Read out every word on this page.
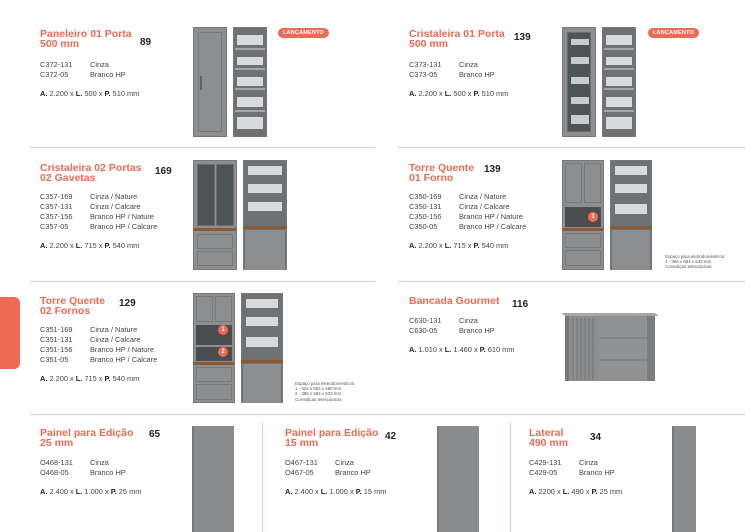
Paneleiro 01 Porta
500 mm	89
C372-131	Cinza
C372-05	Branco HP
A. 2.200 x L. 500 x P. 510 mm
LANÇAMENTO	Cristaleira 01 Porta
500 mm
139
C373-131	Cinza
C373-05	Branco HP
A. 2.200 x L. 500 x P. 510 mm
LANÇAMENTO
Cristaleira 02 Portas
02 Gavetas
169
C357-169	Cinza / Nature
C357-131	Cinza / Calcare
C357-156	Branco HP / Nature
C357-05	Branco HP / Calcare
A. 2.200 x L. 715 x P. 540 mm
Torre Quente
01 Forno
139
C350-169	Cinza / Nature
C350-131	Cinza / Calcare
C350-156	Branco HP / Nature
C350-05	Branco HP / Calcare
A. 2.200 x L. 715 x P. 540 mm
Espaço para eletrodomésticos:
1 - 386 x 684 x 533 mm
Corrediças telescópicas
1
Torre Quente
02 Fornos
129
C351-169	Cinza / Nature
C351-131	Cinza / Calcare
C351-156	Branco HP / Nature
C351-05	Branco HP / Calcare
A. 2.200 x L. 715 x P. 540 mm
Espaço para eletrodomésticos:
1 - 424 x 684 x 480 mm
2 - 386 x 684 x 533 mm
Corrediças telescópicas
1
2
Bancada Gourmet 116
C630-131	Cinza
C630-05	Branco HP
A. 1.010 x L. 1.460 x P. 610 mm
Painel para Edição
25 mm
65
O468-131	Cinza
O468-05	Branco HP
A. 2.400 x L. 1.000 x P. 25 mm
Painel para Edição
15 mm
42
O467-131	Cinza
O467-05	Branco HP
A. 2.400 x L. 1.000 x P. 15 mm
Lateral
490 mm 34
C429-131	Cinza
C429-05	Branco HP
A. 2200 x L. 490 x P. 25 mm
